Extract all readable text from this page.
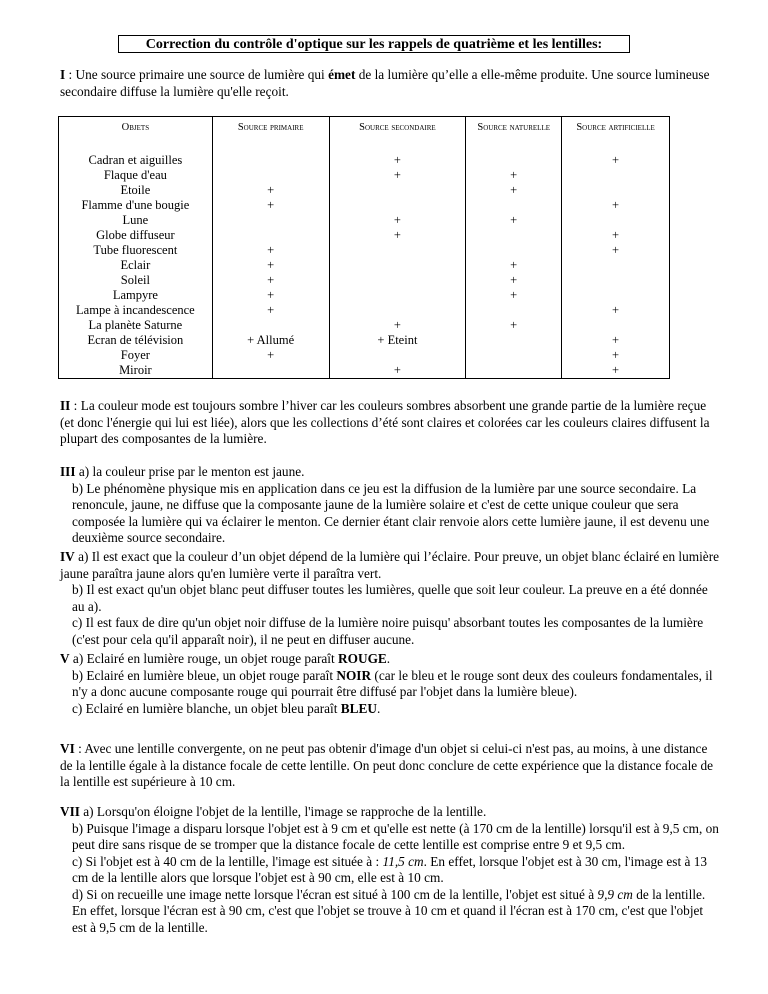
Correction du contrôle d'optique sur les rappels de quatrième et les lentilles:

I : Une source primaire une source de lumière qui émet de la lumière qu’elle a elle-même produite. Une source lumineuse secondaire diffuse la lumière qu'elle reçoit.

Objets	Source primaire	Source secondaire	Source naturelle	Source artificielle
Cadran et aiguilles		+		+
Flaque d'eau		+	+	
Etoile	+		+	
Flamme d'une bougie	+			+
Lune		+	+	
Globe diffuseur		+		+
Tube fluorescent	+			+
Eclair	+		+	
Soleil	+		+	
Lampyre	+		+	
Lampe à incandescence	+			+
La planète Saturne		+	+	
Ecran de télévision	+ Allumé	+ Eteint		+
Foyer	+			+
Miroir		+		+

II : La couleur mode est toujours sombre l’hiver car les couleurs sombres absorbent une grande partie de la lumière reçue (et donc l'énergie qui lui est liée), alors que les collections d’été sont claires et colorées car les couleurs claires diffusent la plupart des composantes de la lumière.

III a) la couleur prise par le menton est jaune.

b) Le phénomène physique mis en application dans ce jeu est la diffusion de la lumière par une source secondaire. La renoncule, jaune, ne diffuse que la composante jaune de la lumière solaire et c'est de cette unique couleur que sera composée la lumière qui va éclairer le menton. Ce dernier étant clair renvoie alors cette lumière jaune, il est devenu une deuxième source secondaire.

IV a) Il est exact que la couleur d’un objet dépend de la lumière qui l’éclaire. Pour preuve, un objet blanc éclairé en lumière jaune paraîtra jaune alors qu'en lumière verte il paraîtra vert.

b) Il est exact qu'un objet blanc peut diffuser toutes les lumières, quelle que soit leur couleur. La preuve en a été donnée au a).

c) Il est faux de dire qu'un objet noir diffuse de la lumière noire puisqu' absorbant toutes les composantes de la lumière (c'est pour cela qu'il apparaît noir), il ne peut en diffuser aucune.

V a) Eclairé en lumière rouge, un objet rouge paraît ROUGE.

b) Eclairé en lumière bleue, un objet rouge paraît NOIR (car le bleu et le rouge sont deux des couleurs fondamentales, il n'y a donc aucune composante rouge qui pourrait être diffusé par l'objet dans la lumière bleue).

c) Eclairé en lumière blanche, un objet bleu paraît BLEU.

VI : Avec une lentille convergente, on ne peut pas obtenir d'image d'un objet si celui-ci n'est pas, au moins, à une distance de la lentille égale à la distance focale de cette lentille. On peut donc conclure de cette expérience que la distance focale de la lentille est supérieure à 10 cm.

VII a) Lorsqu'on éloigne l'objet de la lentille, l'image se rapproche de la lentille.

b) Puisque l'image a disparu lorsque l'objet est à 9 cm et qu'elle est nette (à 170 cm de la lentille) lorsqu'il est à 9,5 cm, on peut dire sans risque de se tromper que la distance focale de cette lentille est comprise entre 9 et 9,5 cm.

c) Si l'objet est à 40 cm de la lentille, l'image est située à : 11,5 cm. En effet, lorsque l'objet est à 30 cm, l'image est à 13 cm de la lentille alors que lorsque l'objet est à 90 cm, elle est à 10 cm.

d) Si on recueille une image nette lorsque l'écran est situé à 100 cm de la lentille, l'objet est situé à 9,9 cm de la lentille. En effet, lorsque l'écran est à 90 cm, c'est que l'objet se trouve à 10 cm et quand il l'écran est à 170 cm, c'est que l'objet est à 9,5 cm de la lentille.
